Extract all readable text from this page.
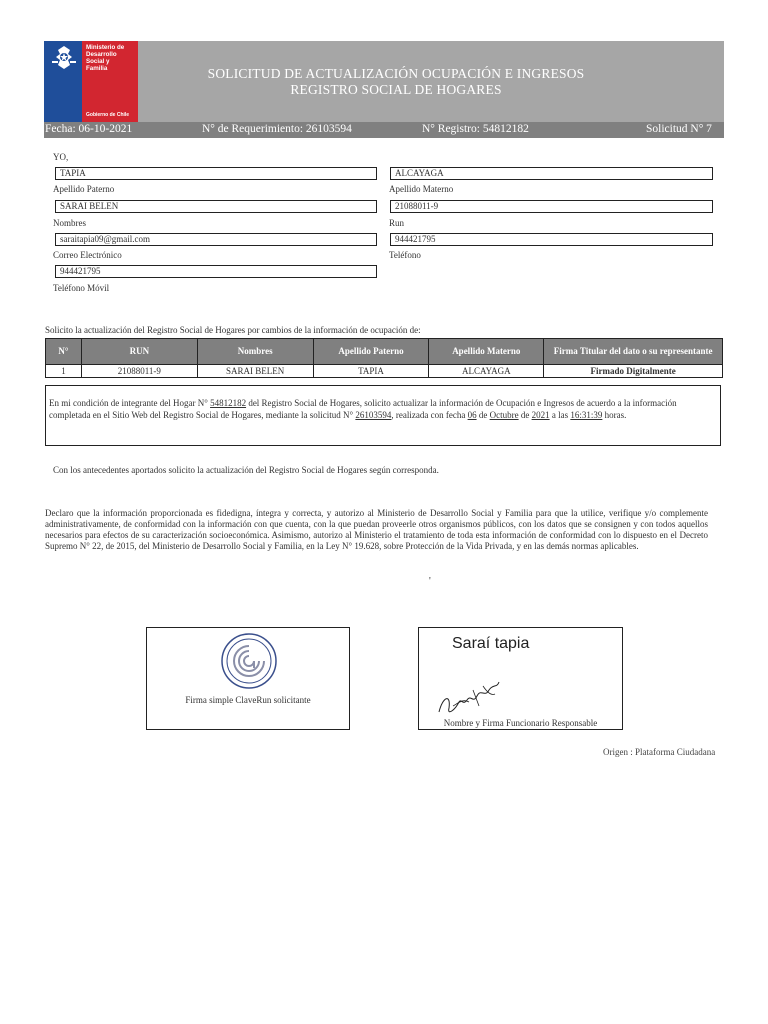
Ministerio de
Desarrollo
Social y
Familia
Gobierno de Chile
SOLICITUD DE ACTUALIZACIÓN OCUPACIÓN E INGRESOS
REGISTRO SOCIAL DE HOGARES
Fecha: 06-10-2021	N° de Requerimiento: 26103594	N° Registro: 54812182	Solicitud N° 7
YO,
TAPIA
Apellido Paterno
ALCAYAGA
Apellido Materno
SARAI BELEN
Nombres
21088011-9
Run
saraitapia09@gmail.com
Correo Electrónico
944421795
Teléfono
944421795
Teléfono Móvil
Solicito la actualización del Registro Social de Hogares por cambios de la información de ocupación de:
N°	RUN	Nombres	Apellido Paterno	Apellido Materno	Firma Titular del dato o su representante
1	21088011-9	SARAI BELEN	TAPIA	ALCAYAGA	Firmado Digitalmente
En mi condición de integrante del Hogar N° 54812182 del Registro Social de Hogares, solicito actualizar la información de Ocupación e Ingresos de acuerdo a la información completada en el Sitio Web del Registro Social de Hogares, mediante la solicitud N° 26103594, realizada con fecha 06 de Octubre de 2021 a las 16:31:39 horas.
Con los antecedentes aportados solicito la actualización del Registro Social de Hogares según corresponda.
Declaro que la información proporcionada es fidedigna, íntegra y correcta, y autorizo al Ministerio de Desarrollo Social y Familia para que la utilice, verifique y/o complemente administrativamente, de conformidad con la información con que cuenta, con la que puedan proveerle otros organismos públicos, con los datos que se consignen y con todos aquellos necesarios para efectos de su caracterización socioeconómica. Asimismo, autorizo al Ministerio el tratamiento de toda esta información de conformidad con lo dispuesto en el Decreto Supremo N° 22, de 2015, del Ministerio de Desarrollo Social y Familia, en la Ley N° 19.628, sobre Protección de la Vida Privada, y en las demás normas aplicables.
'
Firma simple ClaveRun solicitante
Saraí tapia
Nombre y Firma Funcionario Responsable
Origen : Plataforma Ciudadana
